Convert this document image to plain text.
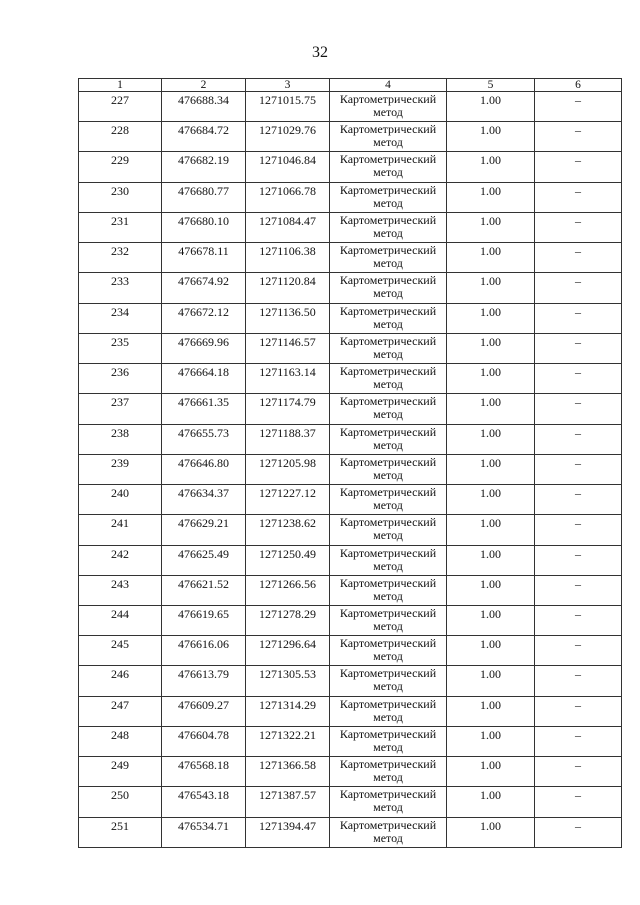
32
1	2	3	4	5	6
227	476688.34	1271015.75	Картометрический метод	1.00	–
228	476684.72	1271029.76	Картометрический метод	1.00	–
229	476682.19	1271046.84	Картометрический метод	1.00	–
230	476680.77	1271066.78	Картометрический метод	1.00	–
231	476680.10	1271084.47	Картометрический метод	1.00	–
232	476678.11	1271106.38	Картометрический метод	1.00	–
233	476674.92	1271120.84	Картометрический метод	1.00	–
234	476672.12	1271136.50	Картометрический метод	1.00	–
235	476669.96	1271146.57	Картометрический метод	1.00	–
236	476664.18	1271163.14	Картометрический метод	1.00	–
237	476661.35	1271174.79	Картометрический метод	1.00	–
238	476655.73	1271188.37	Картометрический метод	1.00	–
239	476646.80	1271205.98	Картометрический метод	1.00	–
240	476634.37	1271227.12	Картометрический метод	1.00	–
241	476629.21	1271238.62	Картометрический метод	1.00	–
242	476625.49	1271250.49	Картометрический метод	1.00	–
243	476621.52	1271266.56	Картометрический метод	1.00	–
244	476619.65	1271278.29	Картометрический метод	1.00	–
245	476616.06	1271296.64	Картометрический метод	1.00	–
246	476613.79	1271305.53	Картометрический метод	1.00	–
247	476609.27	1271314.29	Картометрический метод	1.00	–
248	476604.78	1271322.21	Картометрический метод	1.00	–
249	476568.18	1271366.58	Картометрический метод	1.00	–
250	476543.18	1271387.57	Картометрический метод	1.00	–
251	476534.71	1271394.47	Картометрический метод	1.00	–
